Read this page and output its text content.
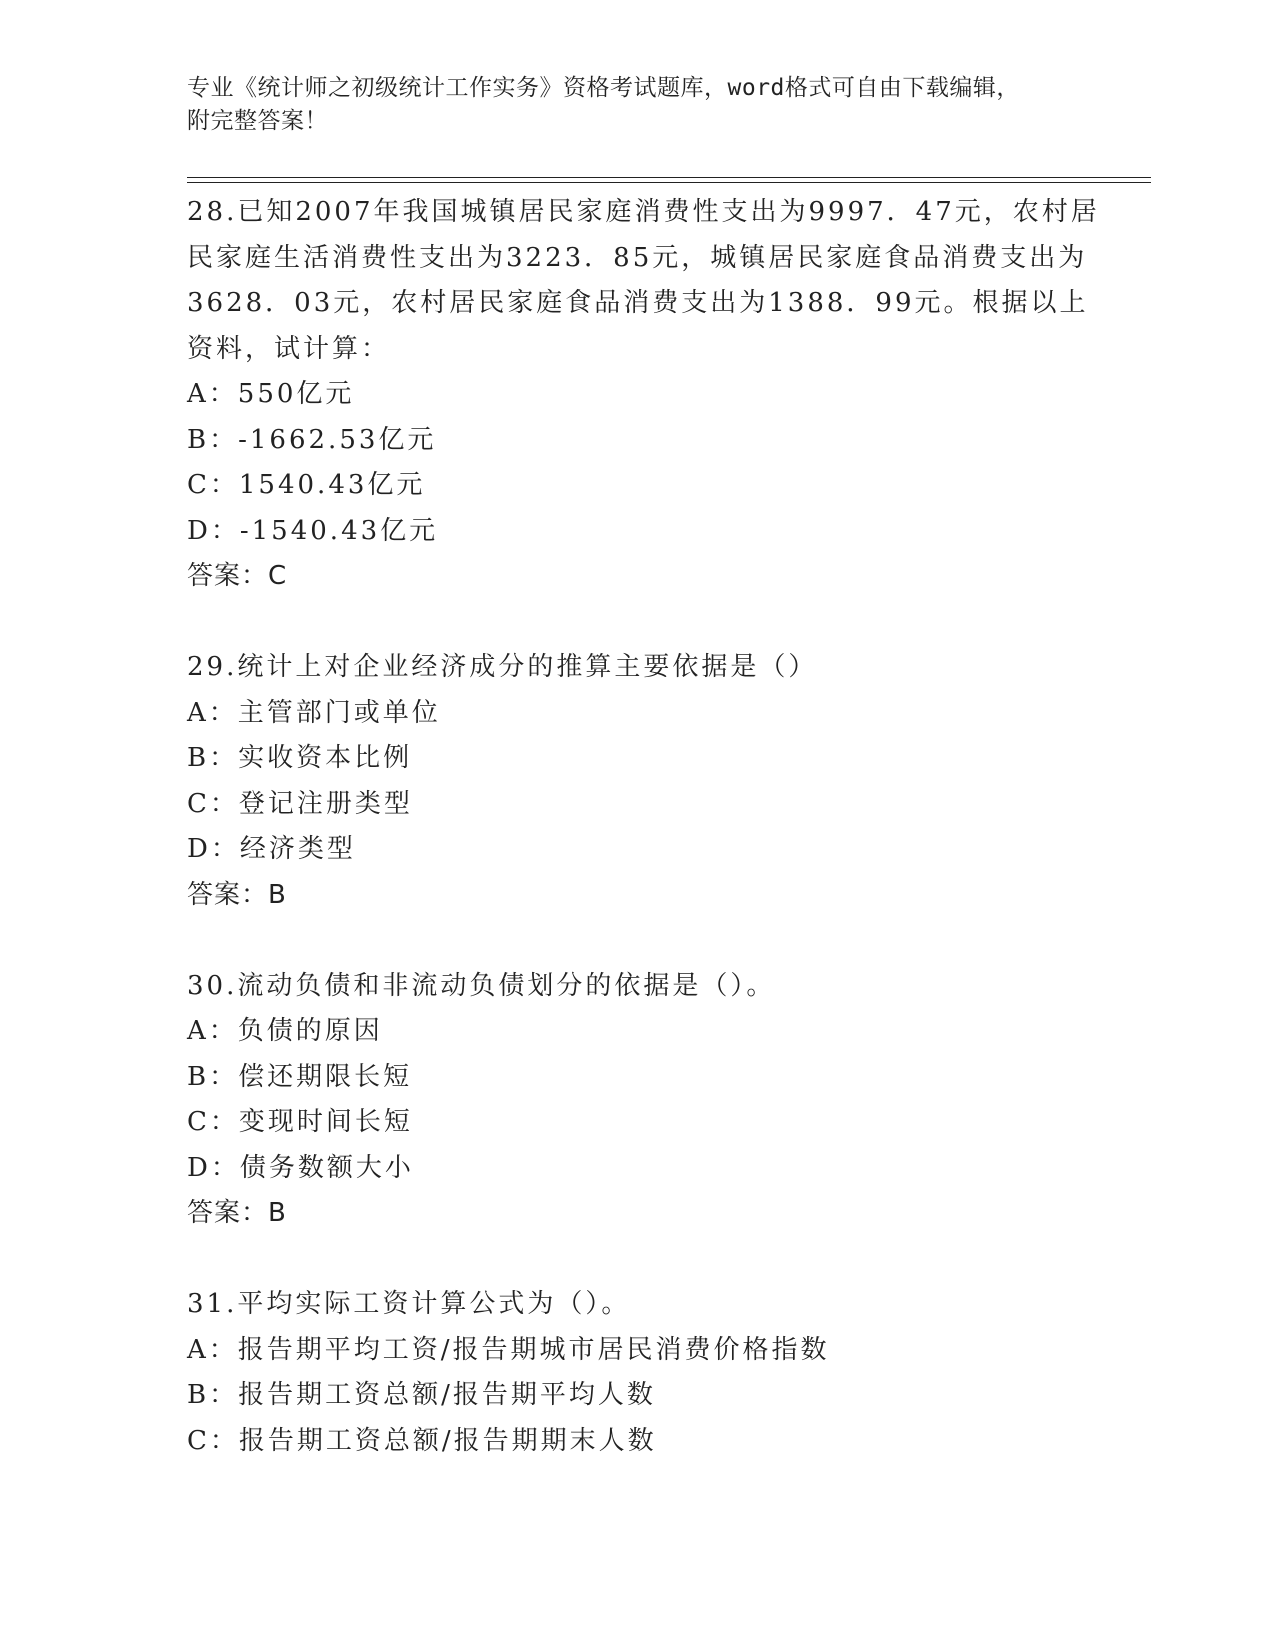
专业《统计师之初级统计工作实务》资格考试题库，word格式可自由下载编辑，
附完整答案！

28.已知2007年我国城镇居民家庭消费性支出为9997．47元，农村居民家庭生活消费性支出为3223．85元，城镇居民家庭食品消费支出为3628．03元，农村居民家庭食品消费支出为1388．99元。根据以上资料，试计算：

A：550亿元

B：-1662.53亿元

C：1540.43亿元

D：-1540.43亿元

答案：C

29.统计上对企业经济成分的推算主要依据是（）

A：主管部门或单位

B：实收资本比例

C：登记注册类型

D：经济类型

答案：B

30.流动负债和非流动负债划分的依据是（）。

A：负债的原因

B：偿还期限长短

C：变现时间长短

D：债务数额大小

答案：B

31.平均实际工资计算公式为（）。

A：报告期平均工资/报告期城市居民消费价格指数

B：报告期工资总额/报告期平均人数

C：报告期工资总额/报告期期末人数
